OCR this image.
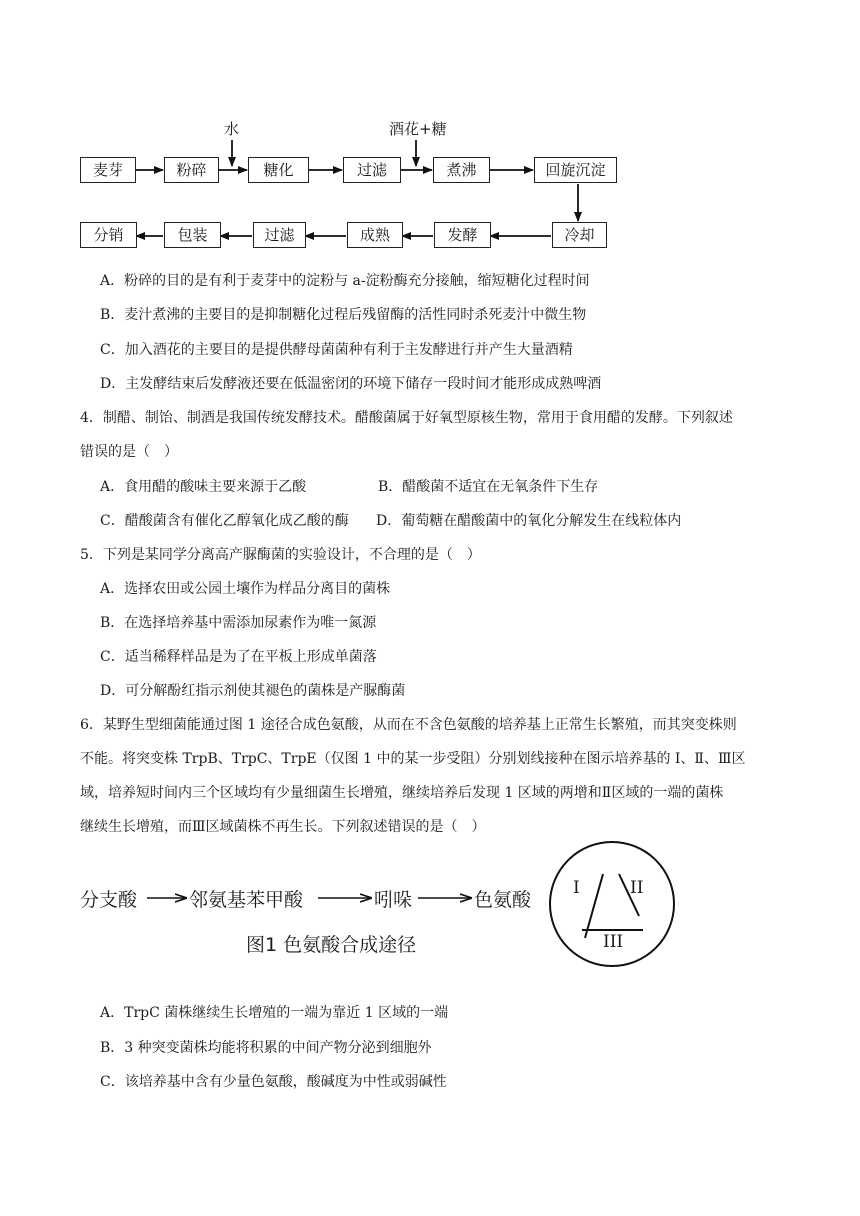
水	酒花+糖
麦芽	粉碎	糖化	过滤	煮沸	回旋沉淀
分销	包装	过滤	成熟	发酵	冷却
A．粉碎的目的是有利于麦芽中的淀粉与 a-淀粉酶充分接触，缩短糖化过程时间
B．麦汁煮沸的主要目的是抑制糖化过程后残留酶的活性同时杀死麦汁中微生物
C．加入酒花的主要目的是提供酵母菌菌种有利于主发酵进行并产生大量酒精
D．主发酵结束后发酵液还要在低温密闭的环境下储存一段时间才能形成成熟啤酒
4．制醋、制饴、制酒是我国传统发酵技术。醋酸菌属于好氧型原核生物，常用于食用醋的发酵。下列叙述
错误的是（　）
A．食用醋的酸味主要来源于乙酸	B．醋酸菌不适宜在无氧条件下生存
C．醋酸菌含有催化乙醇氧化成乙酸的酶 D．葡萄糖在醋酸菌中的氧化分解发生在线粒体内
5．下列是某同学分离高产脲酶菌的实验设计，不合理的是（　）
A．选择农田或公园土壤作为样品分离目的菌株
B．在选择培养基中需添加尿素作为唯一氮源
C．适当稀释样品是为了在平板上形成单菌落
D．可分解酚红指示剂使其褪色的菌株是产脲酶菌
6．某野生型细菌能通过图 1 途径合成色氨酸，从而在不含色氨酸的培养基上正常生长繁殖，而其突变株则
不能。将突变株 TrpB、TrpC、TrpE（仅图 1 中的某一步受阻）分别划线接种在图示培养基的 I、Ⅱ、Ⅲ区
域，培养短时间内三个区域均有少量细菌生长增殖，继续培养后发现 1 区域的两增和Ⅱ区域的一端的菌株
继续生长增殖，而Ⅲ区域菌株不再生长。下列叙述错误的是（　）
分支酸	邻氨基苯甲酸	吲哚	色氨酸
图1 色氨酸合成途径
I	II
III
A．TrpC 菌株继续生长增殖的一端为靠近 1 区域的一端
B．3 种突变菌株均能将积累的中间产物分泌到细胞外
C．该培养基中含有少量色氨酸，酸碱度为中性或弱碱性
